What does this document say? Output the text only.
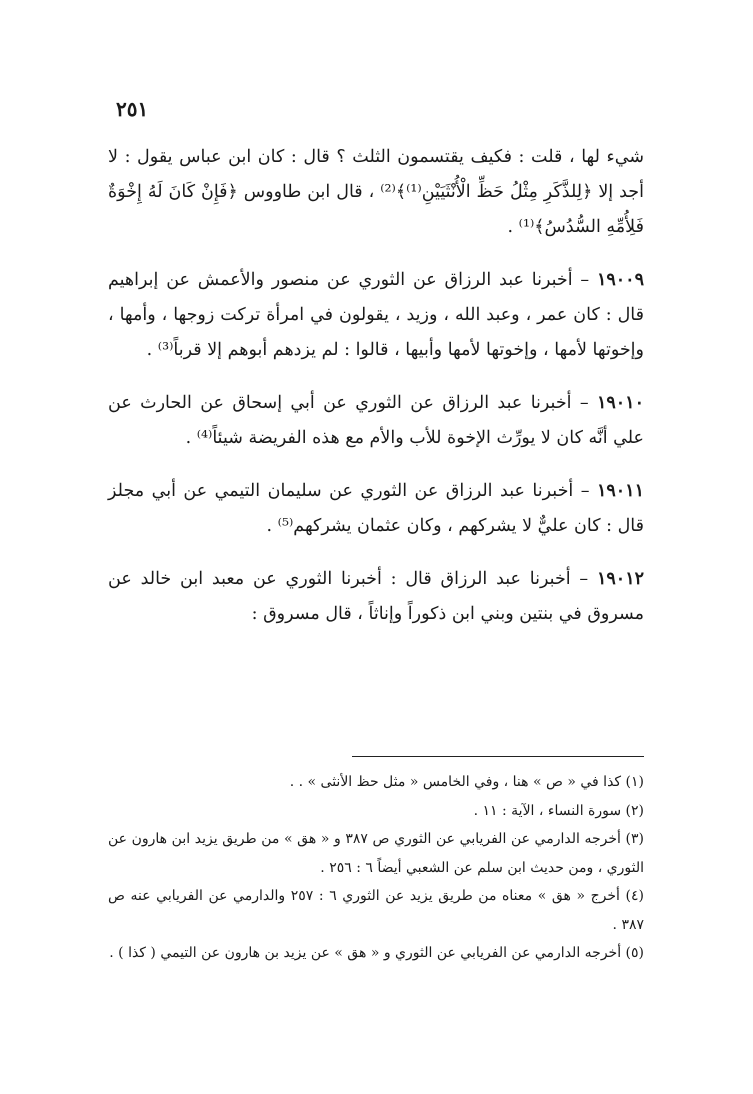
٢٥١

شيء لها ، قلت : فكيف يقتسمون الثلث ؟ قال : كان ابن عباس يقول : لا أجد إلا ﴿لِلذَّكَرِ مِثْلُ حَظِّ الْأُنْثَيَيْنِ⁽¹⁾﴾⁽²⁾ ، قال ابن طاووس ﴿فَإِنْ كَانَ لَهُ إِخْوَةٌ فَلِأُمِّهِ السُّدُسُ﴾⁽¹⁾ .

١٩٠٠٩ – أخبرنا عبد الرزاق عن الثوري عن منصور والأعمش عن إبراهيم قال : كان عمر ، وعبد الله ، وزيد ، يقولون في امرأة تركت زوجها ، وأمها ، وإخوتها لأمها ، وإخوتها لأمها وأبيها ، قالوا : لم يزدهم أبوهم إلا قرباً⁽³⁾ .

١٩٠١٠ – أخبرنا عبد الرزاق عن الثوري عن أبي إسحاق عن الحارث عن علي أنَّه كان لا يورِّث الإخوة للأب والأم مع هذه الفريضة شيئاً⁽⁴⁾ .

١٩٠١١ – أخبرنا عبد الرزاق عن الثوري عن سليمان التيمي عن أبي مجلز قال : كان عليٌّ لا يشركهم ، وكان عثمان يشركهم⁽⁵⁾ .

١٩٠١٢ – أخبرنا عبد الرزاق قال : أخبرنا الثوري عن معبد ابن خالد عن مسروق في بنتين وبني ابن ذكوراً وإناثاً ، قال مسروق :

(١) كذا في « ص » هنا ، وفي الخامس « مثل حظ الأنثى » . .

(٢) سورة النساء ، الآية : ١١ .

(٣) أخرجه الدارمي عن الفريابي عن الثوري ص ٣٨٧ و « هق » من طريق يزيد ابن هارون عن الثوري ، ومن حديث ابن سلم عن الشعبي أيضاً ٦ : ٢٥٦ .

(٤) أخرج « هق » معناه من طريق يزيد عن الثوري ٦ : ٢٥٧ والدارمي عن الفريابي عنه ص ٣٨٧ .

(٥) أخرجه الدارمي عن الفريابي عن الثوري و « هق » عن يزيد بن هارون عن التيمي ( كذا ) .
